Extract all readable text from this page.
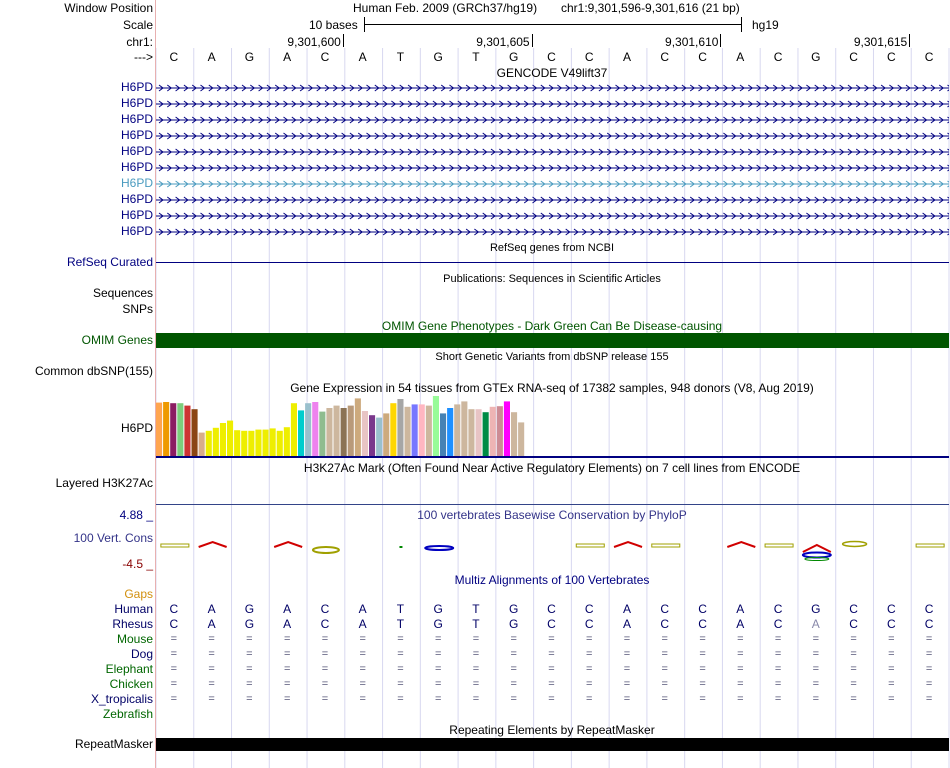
Window Position	Human Feb. 2009 (GRCh37/hg19) chr1:9,301,596-9,301,616 (21 bp)
Scale	10 bases	hg19
chr1:	9,301,600	9,301,605	9,301,610	9,301,615
--->	C	A	G	A	C	A	T	G	T	G	C	C	A	C	C	A	C	G	C	C	C
GENCODE V49lift37
H6PD
H6PD
H6PD
H6PD
H6PD
H6PD
H6PD
H6PD
H6PD
H6PD
RefSeq genes from NCBI
RefSeq Curated
Publications: Sequences in Scientific Articles
Sequences
SNPs
OMIM Gene Phenotypes - Dark Green Can Be Disease-causing
OMIM Genes
Short Genetic Variants from dbSNP release 155
Common dbSNP(155)
Gene Expression in 54 tissues from GTEx RNA-seq of 17382 samples, 948 donors (V8, Aug 2019)
H6PD
H3K27Ac Mark (Often Found Near Active Regulatory Elements) on 7 cell lines from ENCODE
Layered H3K27Ac
100 vertebrates Basewise Conservation by PhyloP
4.88 _
100 Vert. Cons
-4.5 _
Multiz Alignments of 100 Vertebrates
Gaps
Human	C	A	G	A	C	A	T	G	T	G	C	C	A	C	C	A	C	G	C	C	C
Rhesus	C	A	G	A	C	A	T	G	T	G	C	C	A	C	C	A	C	A	C	C	C
Mouse	=	=	=	=	=	=	=	=	=	=	=	=	=	=	=	=	=	=	=	=	=
Dog	=	=	=	=	=	=	=	=	=	=	=	=	=	=	=	=	=	=	=	=	=
Elephant	=	=	=	=	=	=	=	=	=	=	=	=	=	=	=	=	=	=	=	=	=
Chicken	=	=	=	=	=	=	=	=	=	=	=	=	=	=	=	=	=	=	=	=	=
X_tropicalis	=	=	=	=	=	=	=	=	=	=	=	=	=	=	=	=	=	=	=	=	=
Zebrafish
Repeating Elements by RepeatMasker
RepeatMasker
